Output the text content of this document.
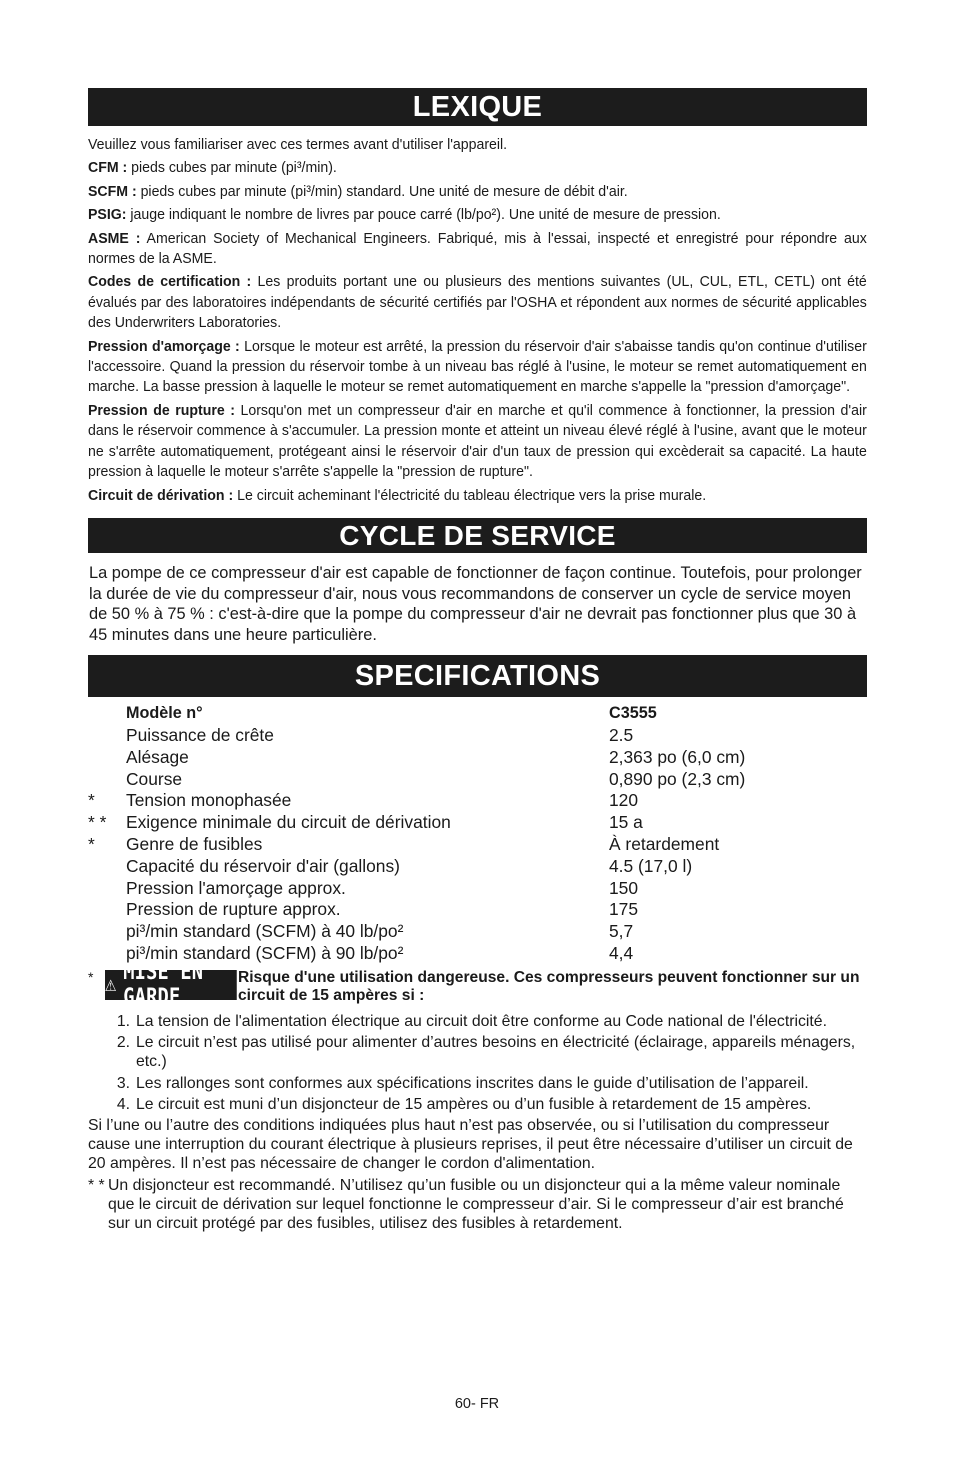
LEXIQUE

Veuillez vous familiariser avec ces termes avant d'utiliser l'appareil.

CFM : pieds cubes par minute (pi³/min).

SCFM : pieds cubes par minute (pi³/min) standard. Une unité de mesure de débit d'air.

PSIG: jauge indiquant le nombre de livres par pouce carré (lb/po²). Une unité de mesure de pression.

ASME : American Society of Mechanical Engineers. Fabriqué, mis à l'essai, inspecté et enregistré pour répondre aux normes de la ASME.

Codes de certification : Les produits portant une ou plusieurs des mentions suivantes (UL, CUL, ETL, CETL) ont été évalués par des laboratoires indépendants de sécurité certifiés par l'OSHA et répondent aux normes de sécurité applicables des Underwriters Laboratories.

Pression d'amorçage : Lorsque le moteur est arrêté, la pression du réservoir d'air s'abaisse tandis qu'on continue d'utiliser l'accessoire. Quand la pression du réservoir tombe à un niveau bas réglé à l'usine, le moteur se remet automatiquement en marche. La basse pression à laquelle le moteur se remet automatiquement en marche s'appelle la "pression d'amorçage".

Pression de rupture : Lorsqu'on met un compresseur d'air en marche et qu'il commence à fonctionner, la pression d'air dans le réservoir commence à s'accumuler. La pression monte et atteint un niveau élevé réglé à l'usine, avant que le moteur ne s'arrête automatiquement, protégeant ainsi le réservoir d'air d'un taux de pression qui excèderait sa capacité. La haute pression à laquelle le moteur s'arrête s'appelle la "pression de rupture".

Circuit de dérivation : Le circuit acheminant l'électricité du tableau électrique vers la prise murale.

CYCLE DE SERVICE

La pompe de ce compresseur d'air est capable de fonctionner de façon continue. Toutefois, pour prolonger la durée de vie du compresseur d'air, nous vous recommandons de conserver un cycle de service moyen de 50 % à 75 % : c'est-à-dire que la pompe du compresseur d'air ne devrait pas fonctionner plus que 30 à 45 minutes dans une heure particulière.

SPECIFICATIONS
Modèle n°	C3555
Puissance de crête	2.5
Alésage	2,363 po (6,0 cm)
Course	0,890 po (2,3 cm)
*	Tension monophasée	120
* *	Exigence minimale du circuit de dérivation	15 a
*	Genre de fusibles	À retardement
Capacité du réservoir d'air (gallons)	4.5 (17,0 l)
Pression l'amorçage approx.	150
Pression de rupture approx.	175
pi³/min standard (SCFM) à 40 lb/po²	5,7
pi³/min standard (SCFM) à 90 lb/po²	4,4
* ⚠ MISE EN GARDE
Risque d'une utilisation dangereuse. Ces compresseurs peuvent fonctionner sur un circuit de 15 ampères si :
1. La tension de l'alimentation électrique au circuit doit être conforme au Code national de l'électricité.
2. Le circuit n’est pas utilisé pour alimenter d’autres besoins en électricité (éclairage, appareils ménagers, etc.)
3. Les rallonges sont conformes aux spécifications inscrites dans le guide d’utilisation de l’appareil.
4. Le circuit est muni d’un disjoncteur de 15 ampères ou d’un fusible à retardement de 15 ampères.

Si l’une ou l’autre des conditions indiquées plus haut n’est pas observée, ou si l’utilisation du compresseur cause une interruption du courant électrique à plusieurs reprises, il peut être nécessaire d’utiliser un circuit de 20 ampères. Il n’est pas nécessaire de changer le cordon d'alimentation.

* * Un disjoncteur est recommandé. N’utilisez qu’un fusible ou un disjoncteur qui a la même valeur nominale que le circuit de dérivation sur lequel fonctionne le compresseur d’air. Si le compresseur d’air est branché sur un circuit protégé par des fusibles, utilisez des fusibles à retardement.
60- FR
